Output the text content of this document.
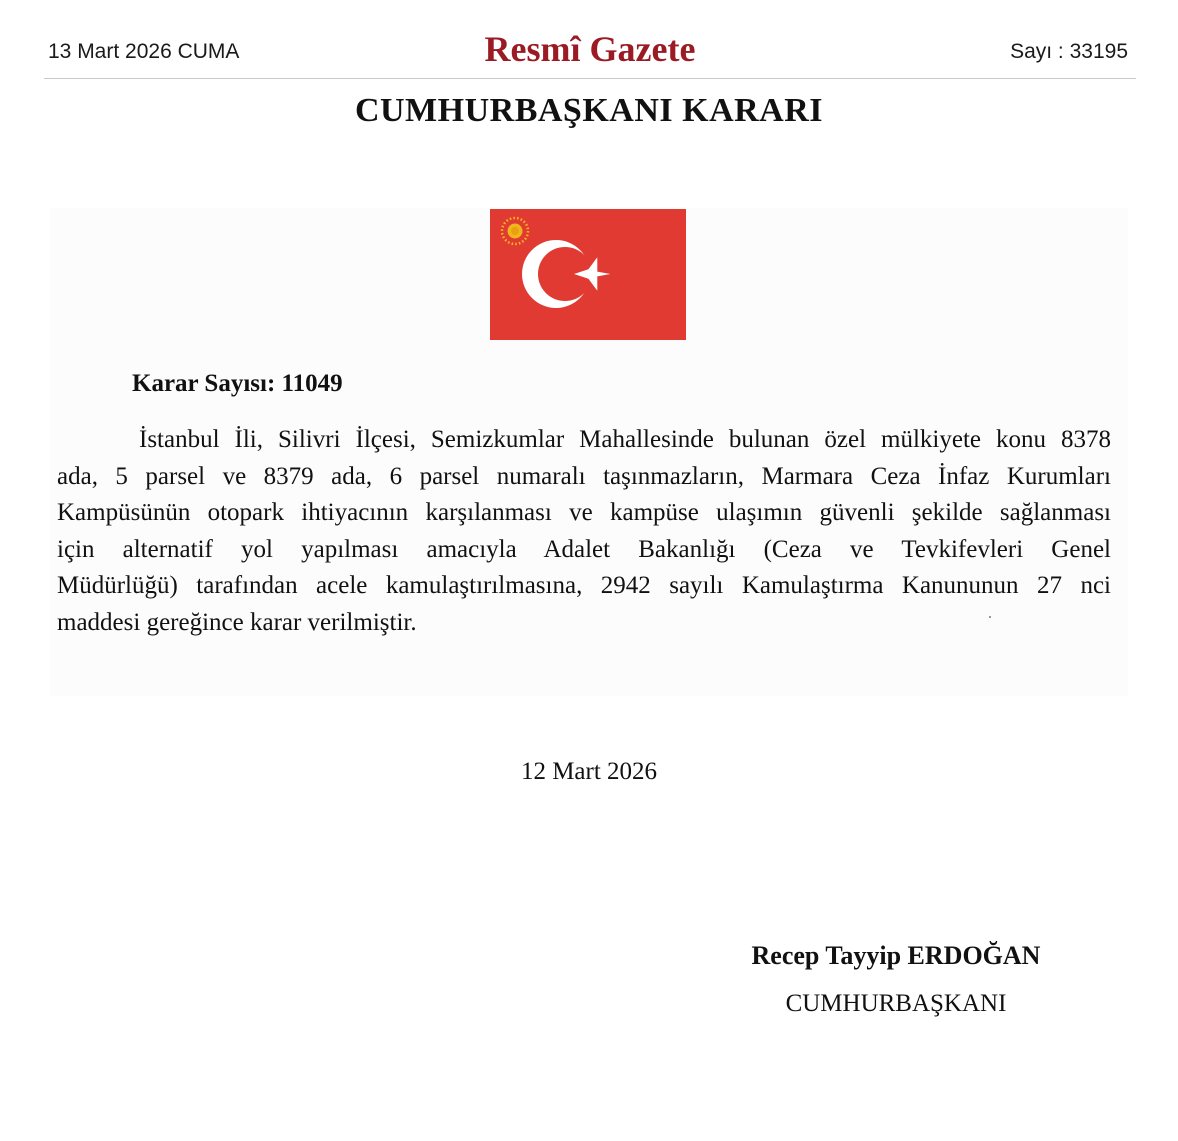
13 Mart 2026 CUMA	Resmî Gazete	Sayı : 33195
CUMHURBAŞKANI KARARI
Karar Sayısı: 11049
İstanbul İli, Silivri İlçesi, Semizkumlar Mahallesinde bulunan özel mülkiyete konu 8378
ada, 5 parsel ve 8379 ada, 6 parsel numaralı taşınmazların, Marmara Ceza İnfaz Kurumları
Kampüsünün otopark ihtiyacının karşılanması ve kampüse ulaşımın güvenli şekilde sağlanması
için alternatif yol yapılması amacıyla Adalet Bakanlığı (Ceza ve Tevkifevleri Genel
Müdürlüğü) tarafından acele kamulaştırılmasına, 2942 sayılı Kamulaştırma Kanununun 27 nci
maddesi gereğince karar verilmiştir.
12 Mart 2026
Recep Tayyip ERDOĞAN
CUMHURBAŞKANI
